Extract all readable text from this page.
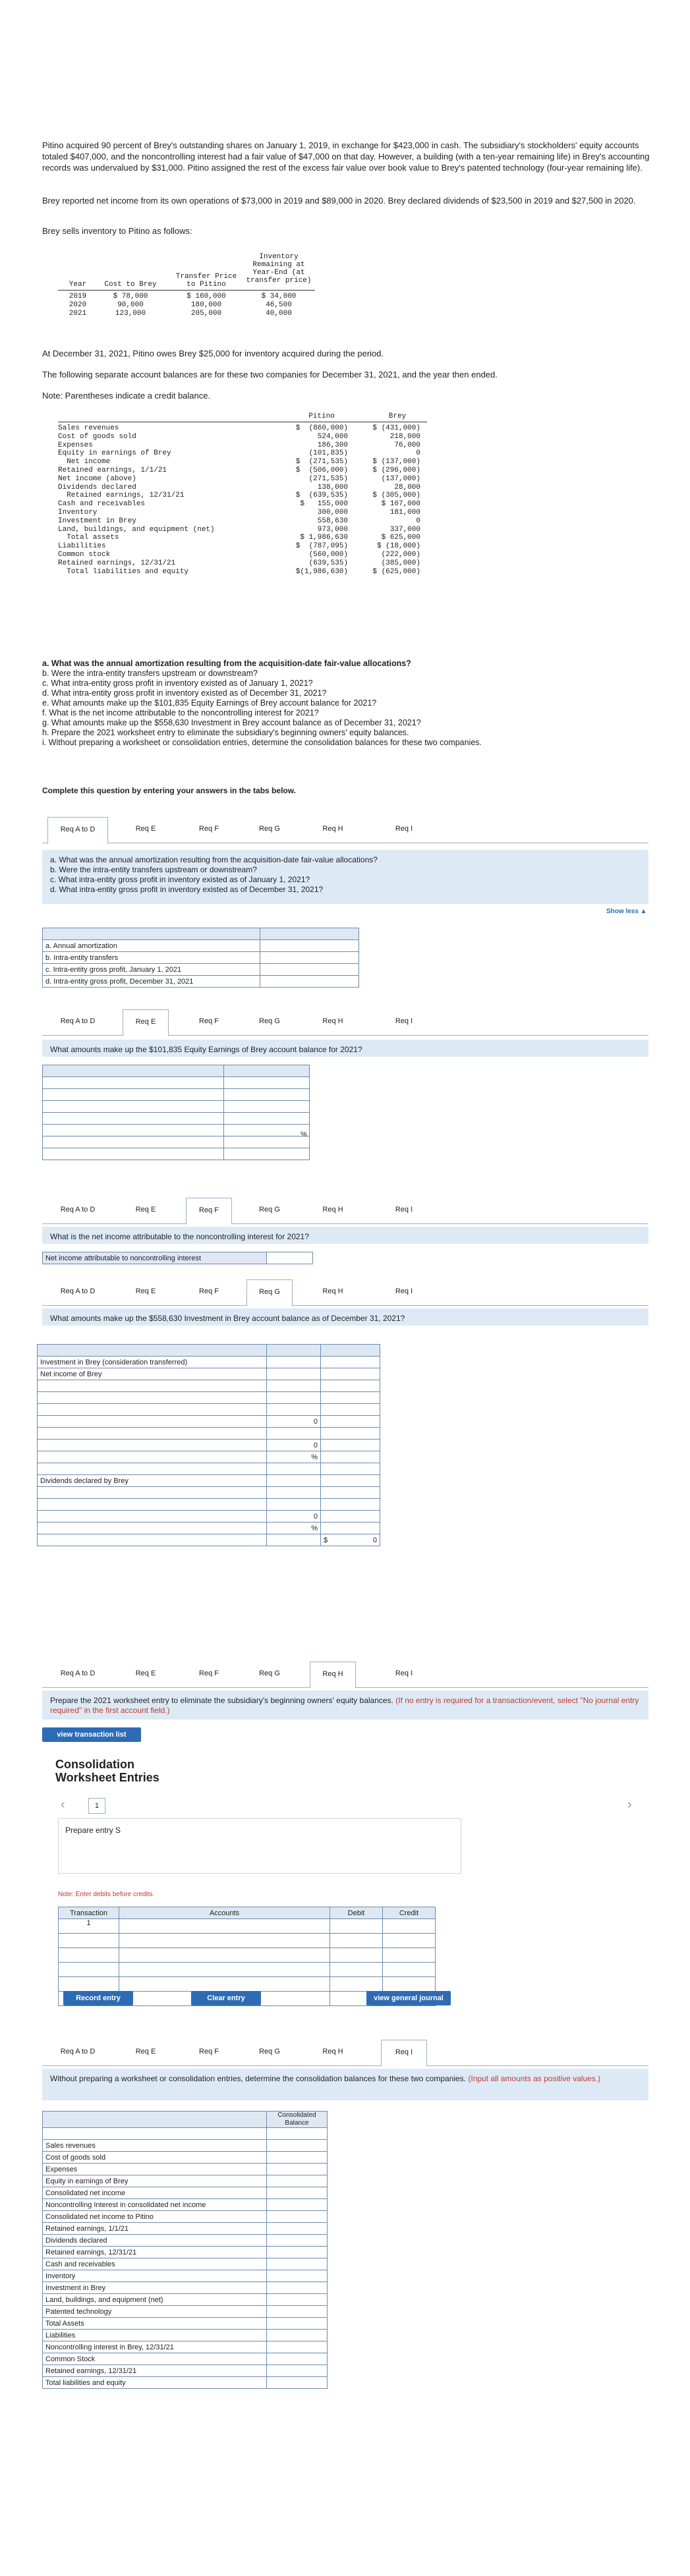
Pitino acquired 90 percent of Brey's outstanding shares on January 1, 2019, in exchange for $423,000 in cash. The subsidiary's stockholders' equity accounts totaled $407,000, and the noncontrolling interest had a fair value of $47,000 on that day. However, a building (with a ten-year remaining life) in Brey's accounting records was undervalued by $31,000. Pitino assigned the rest of the excess fair value over book value to Brey's patented technology (four-year remaining life).
Brey reported net income from its own operations of $73,000 in 2019 and $89,000 in 2020. Brey declared dividends of $23,500 in 2019 and $27,500 in 2020.
Brey sells inventory to Pitino as follows:
Year	Cost to Brey
Transfer Price
to Pitino
Inventory
Remaining at
Year-End (at
transfer price)
2019	$ 78,000	$ 160,000	$ 34,000
2020	90,000	180,000	46,500
2021	123,000	205,000	40,000
At December 31, 2021, Pitino owes Brey $25,000 for inventory acquired during the period.
The following separate account balances are for these two companies for December 31, 2021, and the year then ended.
Note: Parentheses indicate a credit balance.
Pitino	Brey
Sales revenues	$  (860,000)	$ (431,000)
Cost of goods sold	524,000	218,000
Expenses	186,300	76,000
Equity in earnings of Brey	(101,835)	0
Net income	$  (271,535)	$ (137,000)
Retained earnings, 1/1/21	$  (506,000)	$ (296,000)
Net income (above)	(271,535)	(137,000)
Dividends declared	138,000	28,000
Retained earnings, 12/31/21	$  (639,535)	$ (305,000)
Cash and receivables	$   155,000	$ 107,000
Inventory	300,000	181,000
Investment in Brey	558,630	0
Land, buildings, and equipment (net)	973,000	337,000
Total assets	$ 1,986,630	$ 625,000
Liabilities	$  (787,095)	$ (18,000)
Common stock	(560,000)	(222,000)
Retained earnings, 12/31/21	(639,535)	(385,000)
Total liabilities and equity	$(1,986,630)	$ (625,000)
a. What was the annual amortization resulting from the acquisition-date fair-value allocations?
b. Were the intra-entity transfers upstream or downstream?
c. What intra-entity gross profit in inventory existed as of January 1, 2021?
d. What intra-entity gross profit in inventory existed as of December 31, 2021?
e. What amounts make up the $101,835 Equity Earnings of Brey account balance for 2021?
f. What is the net income attributable to the noncontrolling interest for 2021?
g. What amounts make up the $558,630 Investment in Brey account balance as of December 31, 2021?
h. Prepare the 2021 worksheet entry to eliminate the subsidiary's beginning owners' equity balances.
i. Without preparing a worksheet or consolidation entries, determine the consolidation balances for these two companies.
Complete this question by entering your answers in the tabs below.
Req A to D	Req E	Req F	Req G	Req H	Req I
Req A to D	Req E	Req F	Req G	Req H	Req I
Req A to D	Req E	Req F	Req G	Req H	Req I
Req A to D	Req E	Req F	Req G	Req H	Req I
Req A to D	Req E	Req F	Req G	Req H	Req I
Req A to D	Req E	Req F	Req G	Req H	Req I
a. What was the annual amortization resulting from the acquisition-date fair-value allocations?
b. Were the intra-entity transfers upstream or downstream?
c. What intra-entity gross profit in inventory existed as of January 1, 2021?
d. What intra-entity gross profit in inventory existed as of December 31, 2021?
Show less ▲

a. Annual amortization	
b. Intra-entity transfers	
c. Intra-entity gross profit, January 1, 2021	
d. Intra-entity gross profit, December 31, 2021	
What amounts make up the $101,835 Equity Earnings of Brey account balance for 2021?

	%

What is the net income attributable to the noncontrolling interest for 2021?
Net income attributable to noncontrolling interest	
What amounts make up the $558,630 Investment in Brey account balance as of December 31, 2021?

Investment in Brey (consideration transferred)		
Net income of Brey		

	0	

	0	

	%	

Dividends declared by Brey		

	0	

	%	

		$ 0
Prepare the 2021 worksheet entry to eliminate the subsidiary's beginning owners' equity balances. (If no entry is required for a transaction/event, select "No journal entry required" in the first account field.)
view transaction list
Consolidation
Worksheet Entries
‹	1	›
Prepare entry S
Note: Enter debits before credits.
Transaction	Accounts	Debit	Credit
1			

Record entry	Clear entry	view general journal
Without preparing a worksheet or consolidation entries, determine the consolidation balances for these two companies. (Input all amounts as positive values.)
	Consolidated
Balance

Sales revenues	
Cost of goods sold	
Expenses	
Equity in earnings of Brey	
Consolidated net income	
Noncontrolling Interest in consolidated net income	
Consolidated net income to Pitino	
Retained earnings, 1/1/21	
Dividends declared	
Retained earnings, 12/31/21	
Cash and receivables	
Inventory	
Investment in Brey	
Land, buildings, and equipment (net)	
Patented technology	
Total Assets	
Liabilities	
Noncontrolling interest in Brey, 12/31/21	
Common Stock	
Retained earnings, 12/31/21	
Total liabilities and equity	
